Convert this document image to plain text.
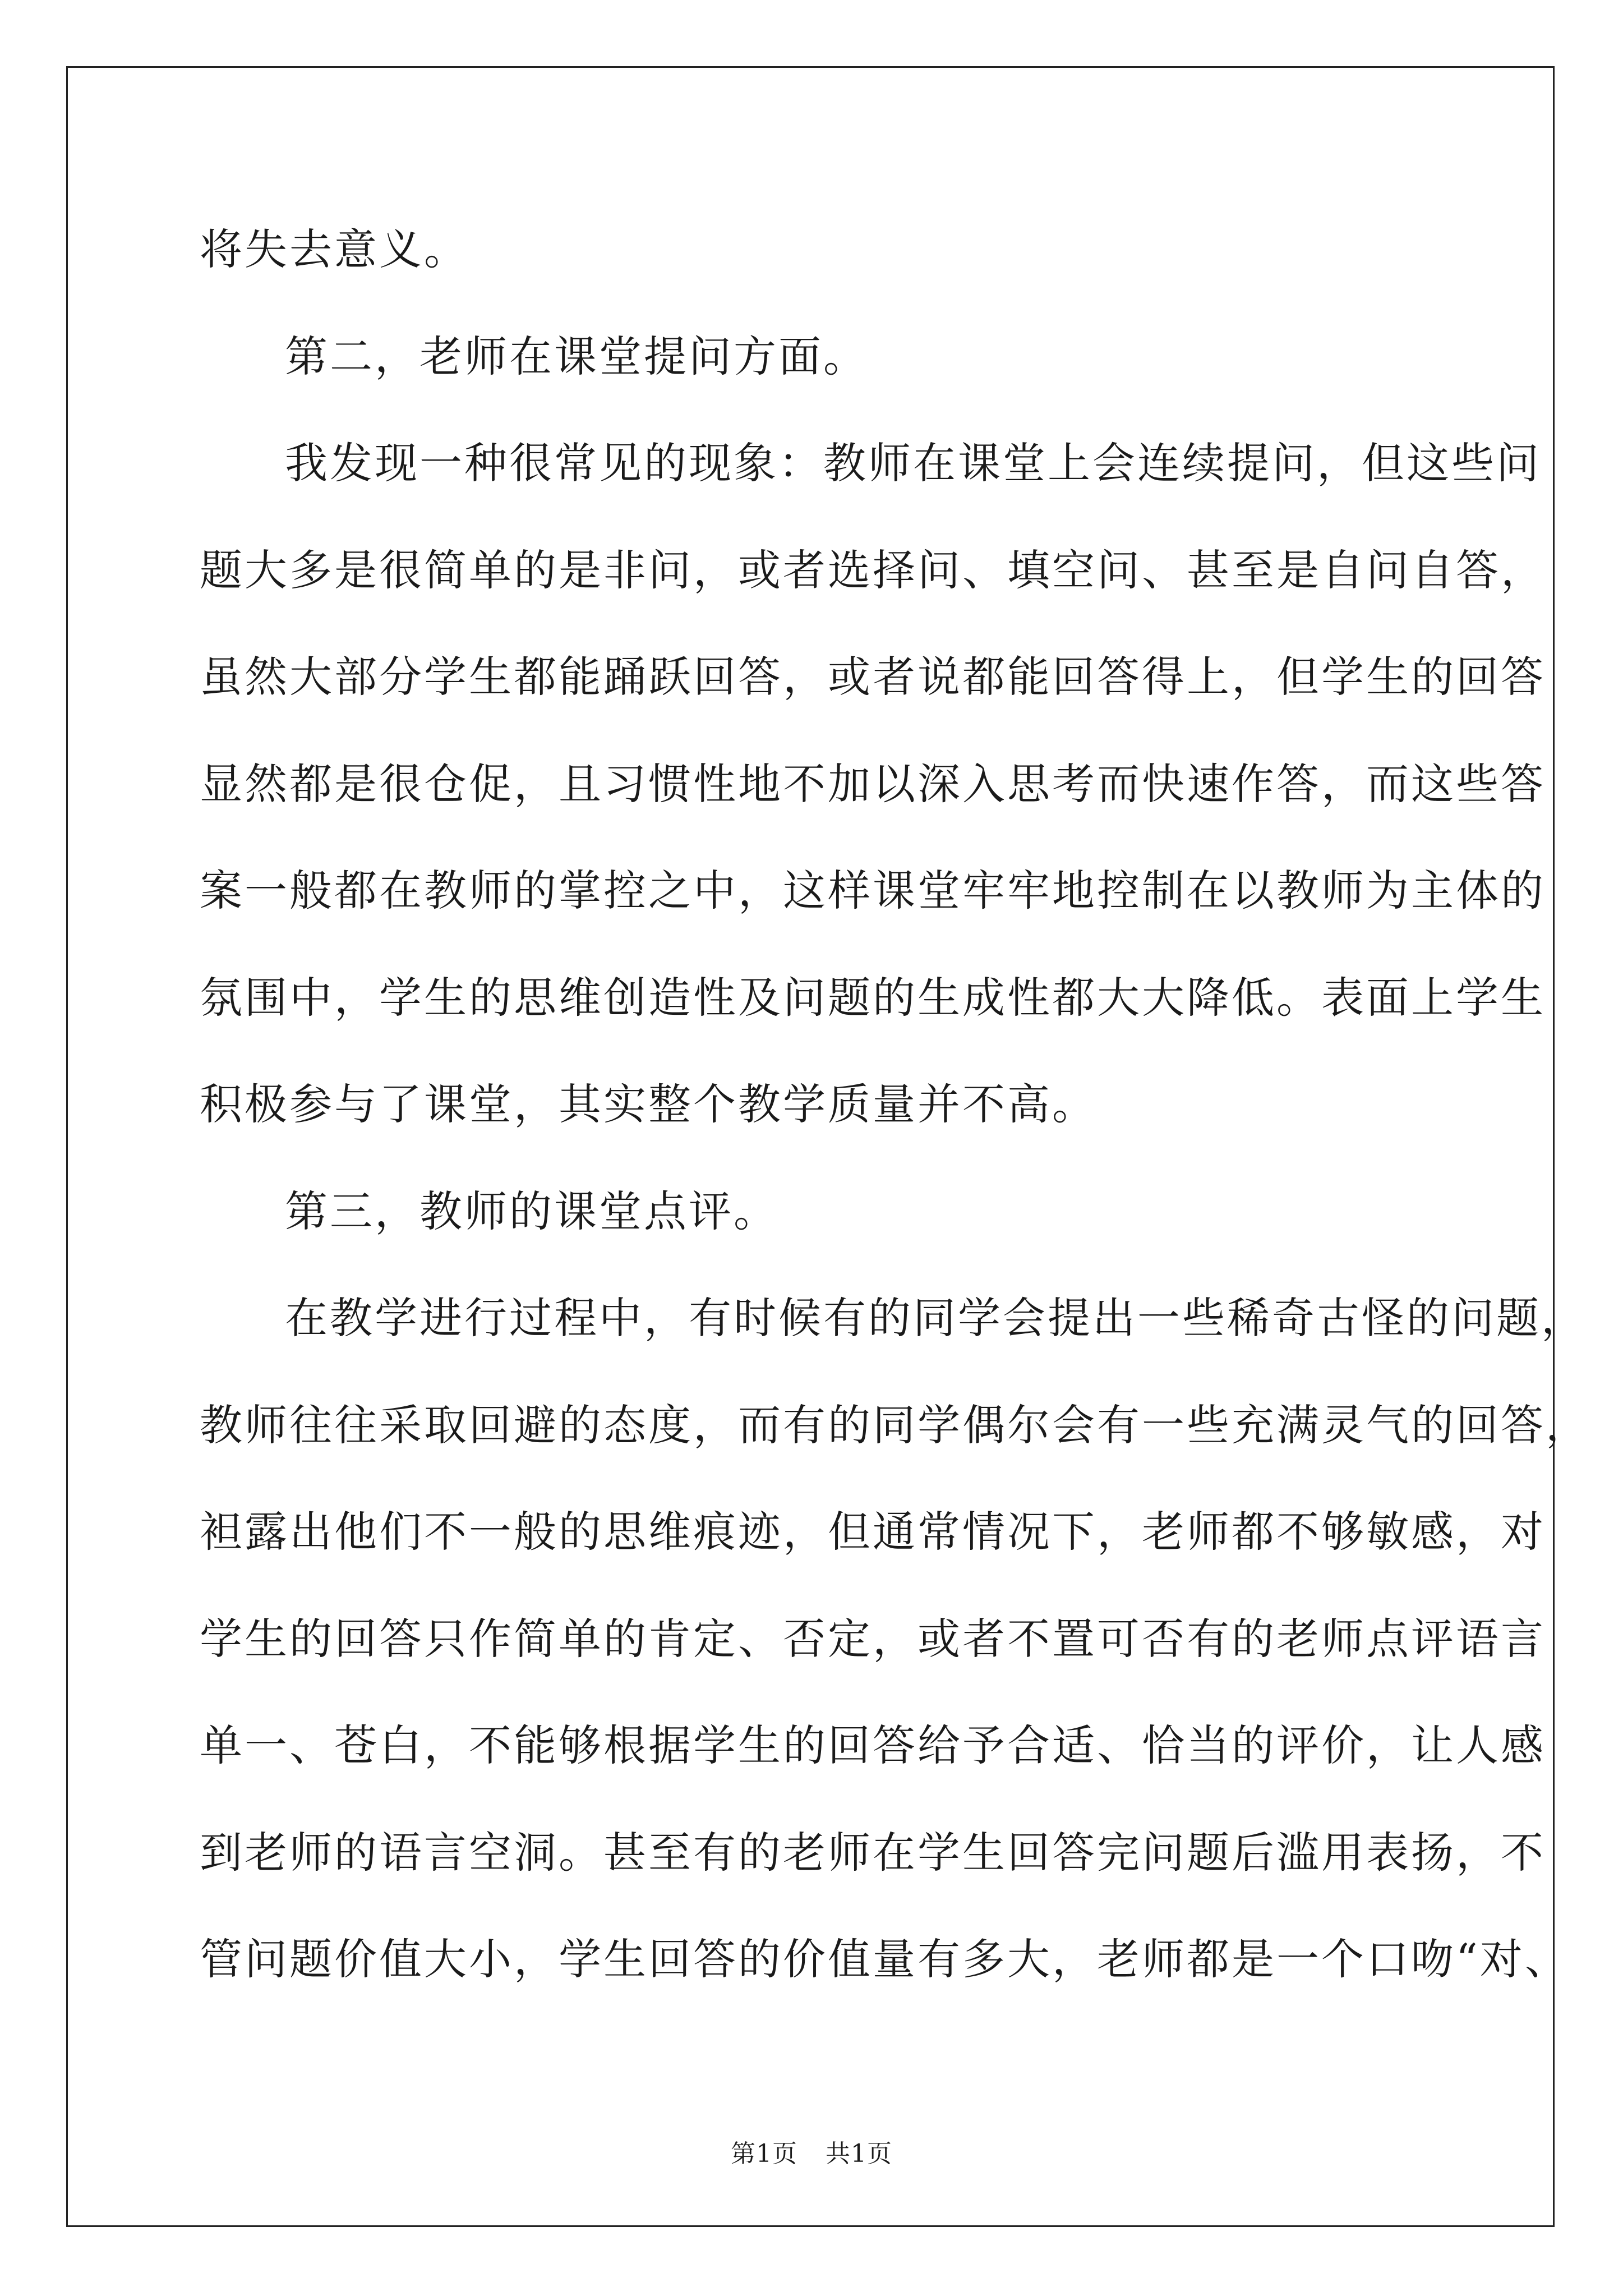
将失去意义。
第二，老师在课堂提问方面。
我发现一种很常见的现象：教师在课堂上会连续提问，但这些问
题大多是很简单的是非问，或者选择问、填空问、甚至是自问自答，
虽然大部分学生都能踊跃回答，或者说都能回答得上，但学生的回答
显然都是很仓促，且习惯性地不加以深入思考而快速作答，而这些答
案一般都在教师的掌控之中，这样课堂牢牢地控制在以教师为主体的
氛围中，学生的思维创造性及问题的生成性都大大降低。表面上学生
积极参与了课堂，其实整个教学质量并不高。
第三，教师的课堂点评。
在教学进行过程中，有时候有的同学会提出一些稀奇古怪的问题，
教师往往采取回避的态度，而有的同学偶尔会有一些充满灵气的回答，
袒露出他们不一般的思维痕迹，但通常情况下，老师都不够敏感，对
学生的回答只作简单的肯定、否定，或者不置可否有的老师点评语言
单一、苍白，不能够根据学生的回答给予合适、恰当的评价，让人感
到老师的语言空洞。甚至有的老师在学生回答完问题后滥用表扬，不
管问题价值大小，学生回答的价值量有多大，老师都是一个口吻“对、
第1页 共1页
